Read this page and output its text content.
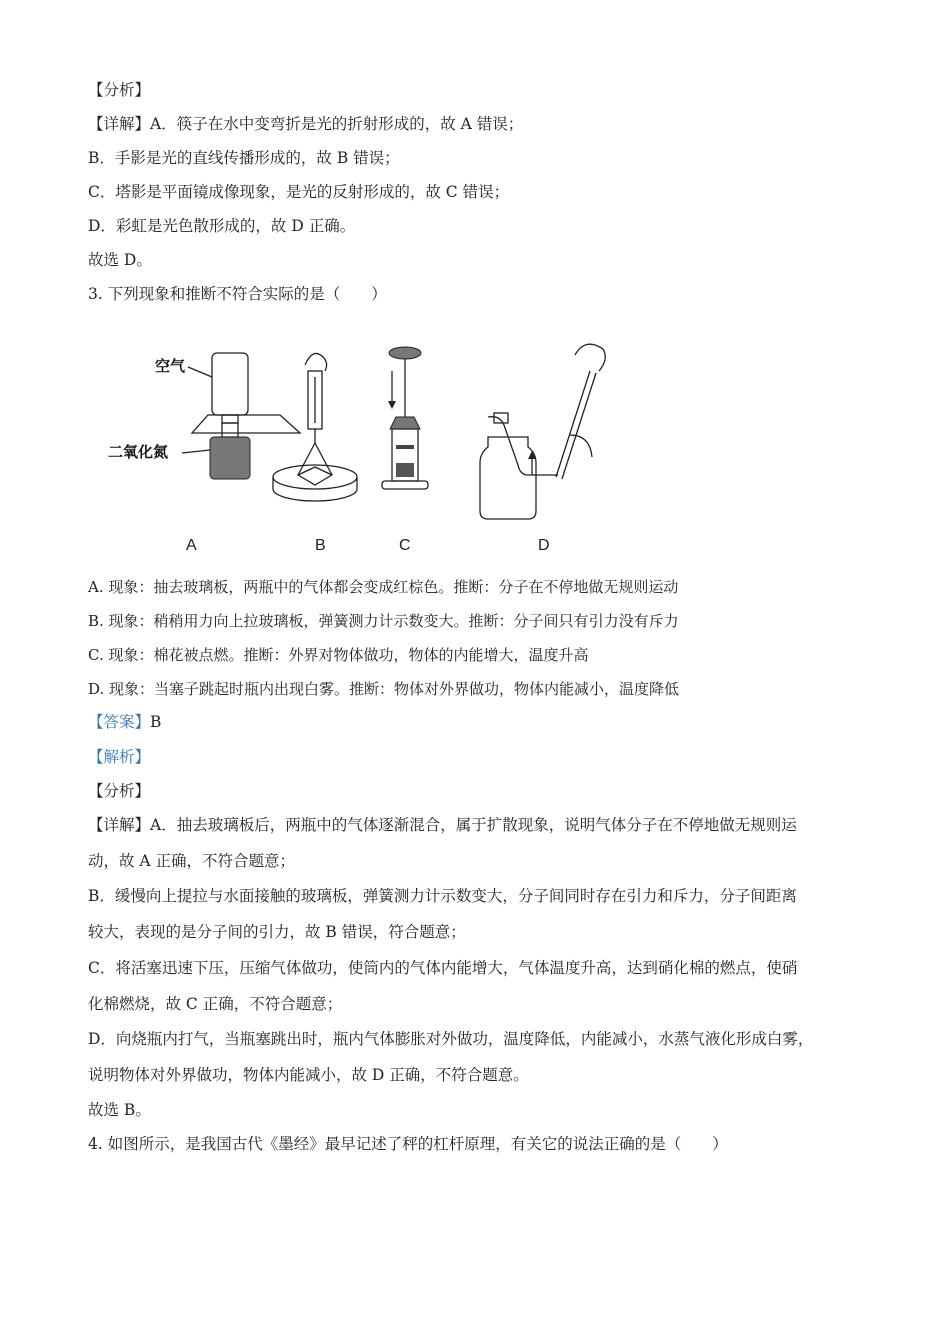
【分析】
【详解】A．筷子在水中变弯折是光的折射形成的，故 A 错误；
B．手影是光的直线传播形成的，故 B 错误；
C．塔影是平面镜成像现象，是光的反射形成的，故 C 错误；
D．彩虹是光色散形成的，故 D 正确。
故选 D。
3. 下列现象和推断不符合实际的是（　　）
空气
二氧化氮
A	B	C	D
A. 现象：抽去玻璃板，两瓶中的气体都会变成红棕色。推断：分子在不停地做无规则运动
B. 现象：稍稍用力向上拉玻璃板，弹簧测力计示数变大。推断：分子间只有引力没有斥力
C. 现象：棉花被点燃。推断：外界对物体做功，物体的内能增大，温度升高
D. 现象：当塞子跳起时瓶内出现白雾。推断：物体对外界做功，物体内能减小，温度降低
【答案】B
【解析】
【分析】
【详解】A．抽去玻璃板后，两瓶中的气体逐渐混合，属于扩散现象，说明气体分子在不停地做无规则运
动，故 A 正确，不符合题意；
B．缓慢向上提拉与水面接触的玻璃板，弹簧测力计示数变大，分子间同时存在引力和斥力，分子间距离
较大，表现的是分子间的引力，故 B 错误，符合题意；
C．将活塞迅速下压，压缩气体做功，使筒内的气体内能增大，气体温度升高，达到硝化棉的燃点，使硝
化棉燃烧，故 C 正确，不符合题意；
D．向烧瓶内打气，当瓶塞跳出时，瓶内气体膨胀对外做功，温度降低，内能减小，水蒸气液化形成白雾，
说明物体对外界做功，物体内能减小，故 D 正确，不符合题意。
故选 B。
4. 如图所示，是我国古代《墨经》最早记述了秤的杠杆原理，有关它的说法正确的是（　　）
